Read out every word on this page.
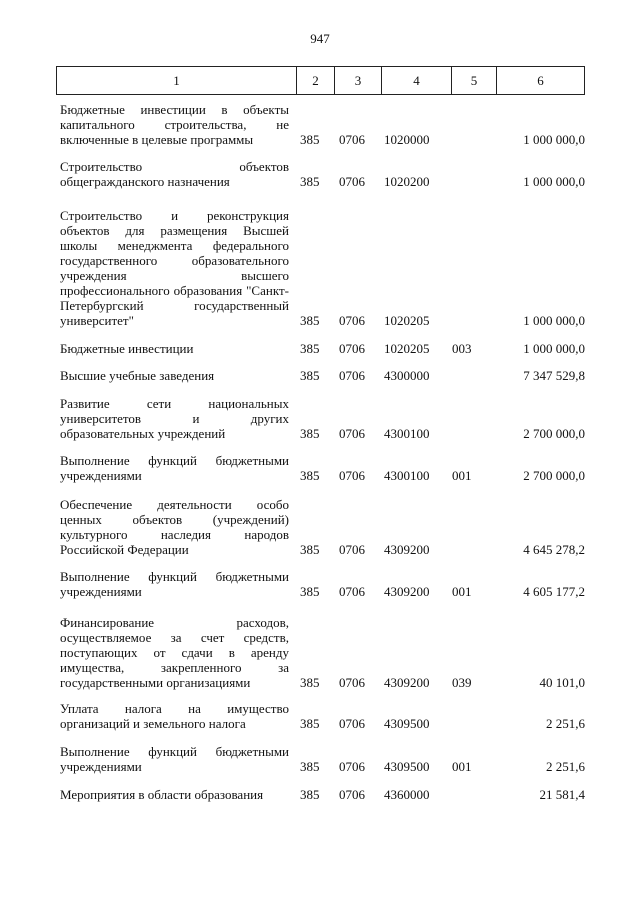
947
1	2	3	4	5	6
Бюджетные инвестиции в объекты капитального строительства, не включенные в целевые программы	385 0706 1020000	1 000 000,0
Строительство объектов общегражданского назначения	385 0706 1020200	1 000 000,0
Строительство и реконструкция объектов для размещения Высшей школы менеджмента федерального государственного образовательного учреждения высшего профессионального образования "Санкт-Петербургский государственный университет"	385 0706 1020205	1 000 000,0
Бюджетные инвестиции	385 0706 1020205 003	1 000 000,0
Высшие учебные заведения	385 0706 4300000	7 347 529,8
Развитие сети национальных университетов и других образовательных учреждений	385 0706 4300100	2 700 000,0
Выполнение функций бюджетными учреждениями	385 0706 4300100 001	2 700 000,0
Обеспечение деятельности особо ценных объектов (учреждений) культурного наследия народов Российской Федерации	385 0706 4309200	4 645 278,2
Выполнение функций бюджетными учреждениями	385 0706 4309200 001	4 605 177,2
Финансирование расходов, осуществляемое за счет средств, поступающих от сдачи в аренду имущества, закрепленного за государственными организациями	385 0706 4309200 039	40 101,0
Уплата налога на имущество организаций и земельного налога	385 0706 4309500	2 251,6
Выполнение функций бюджетными учреждениями	385 0706 4309500 001	2 251,6
Мероприятия в области образования	385 0706 4360000	21 581,4
